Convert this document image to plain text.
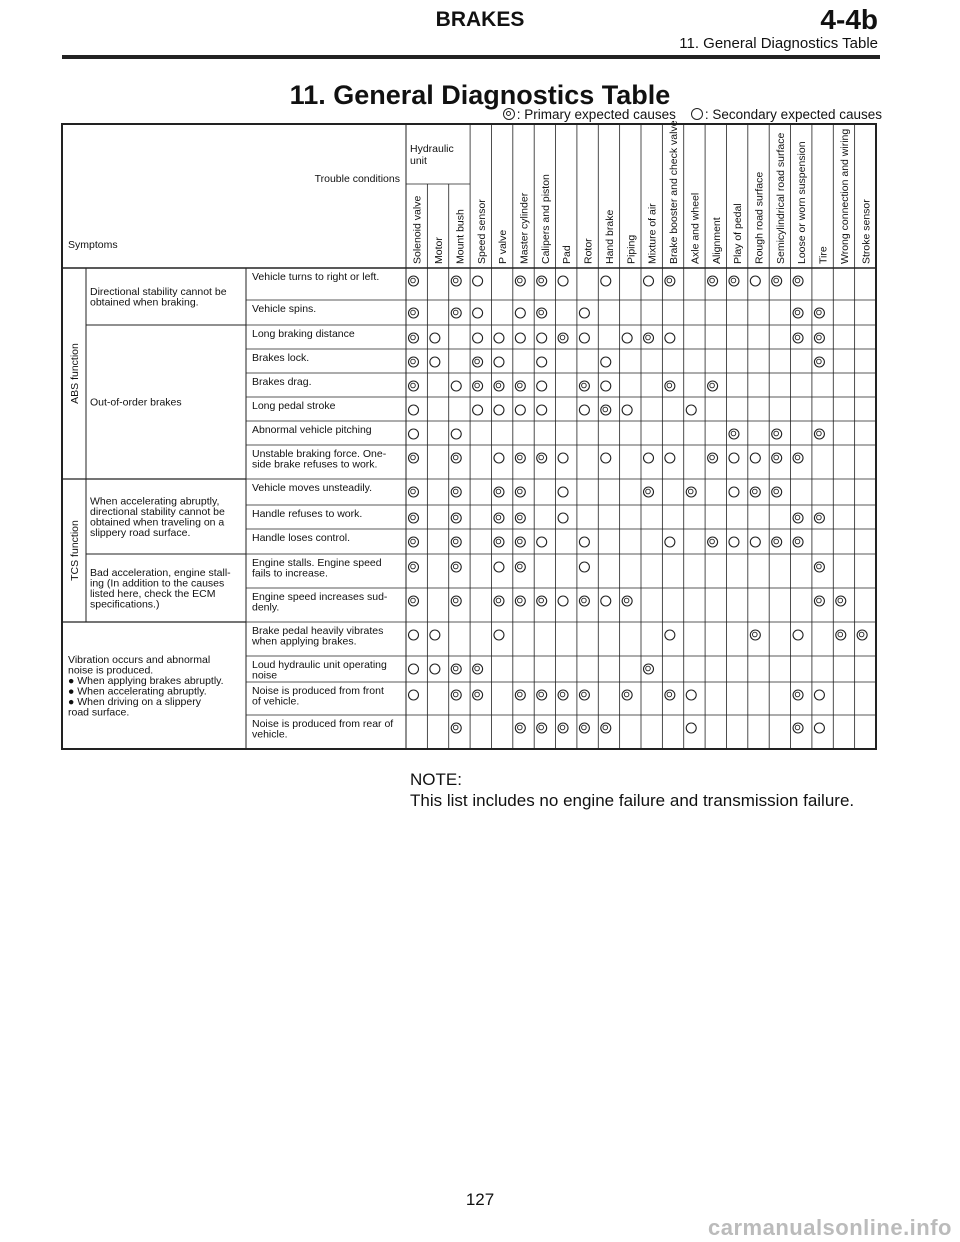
BRAKES	4-4b
11. General Diagnostics Table
11. General Diagnostics Table
: Primary expected causes : Secondary expected causes
Hydraulic
unit
Trouble conditions
Symptoms	Solenoid valve Motor Mount bush Speed sensor P valve Master cylinder Calipers and piston Pad Rotor Hand brake Piping Mixture of air Brake booster and check valve Axle and wheel Alignment Play of pedal Rough road surface Semicylindrical road surface Loose or worn suspension Tire Wrong connection and wiring Stroke sensor
Vehicle turns to right or left.
Vehicle spins.
Directional stability cannot be
obtained when braking.
Long braking distance
Brakes lock.
Brakes drag.
Long pedal stroke
Abnormal vehicle pitching
Unstable braking force. One-
side brake refuses to work.
Out-of-order brakes
ABS function
Vehicle moves unsteadily.
Handle refuses to work.
Handle loses control.
When accelerating abruptly,
directional stability cannot be
obtained when traveling on a
slippery road surface.
Engine stalls. Engine speed
fails to increase.
Engine speed increases sud-
denly.
Bad acceleration, engine stall-
ing (In addition to the causes
listed here, check the ECM
specifications.)
TCS function
Brake pedal heavily vibrates
when applying brakes.
Loud hydraulic unit operating
noise
Noise is produced from front
of vehicle.
Noise is produced from rear of
vehicle.
Vibration occurs and abnormal
noise is produced.
● When applying brakes abruptly.
● When accelerating abruptly.
● When driving on a slippery
road surface.
NOTE:
This list includes no engine failure and transmission failure.
127
carmanualsonline.info
